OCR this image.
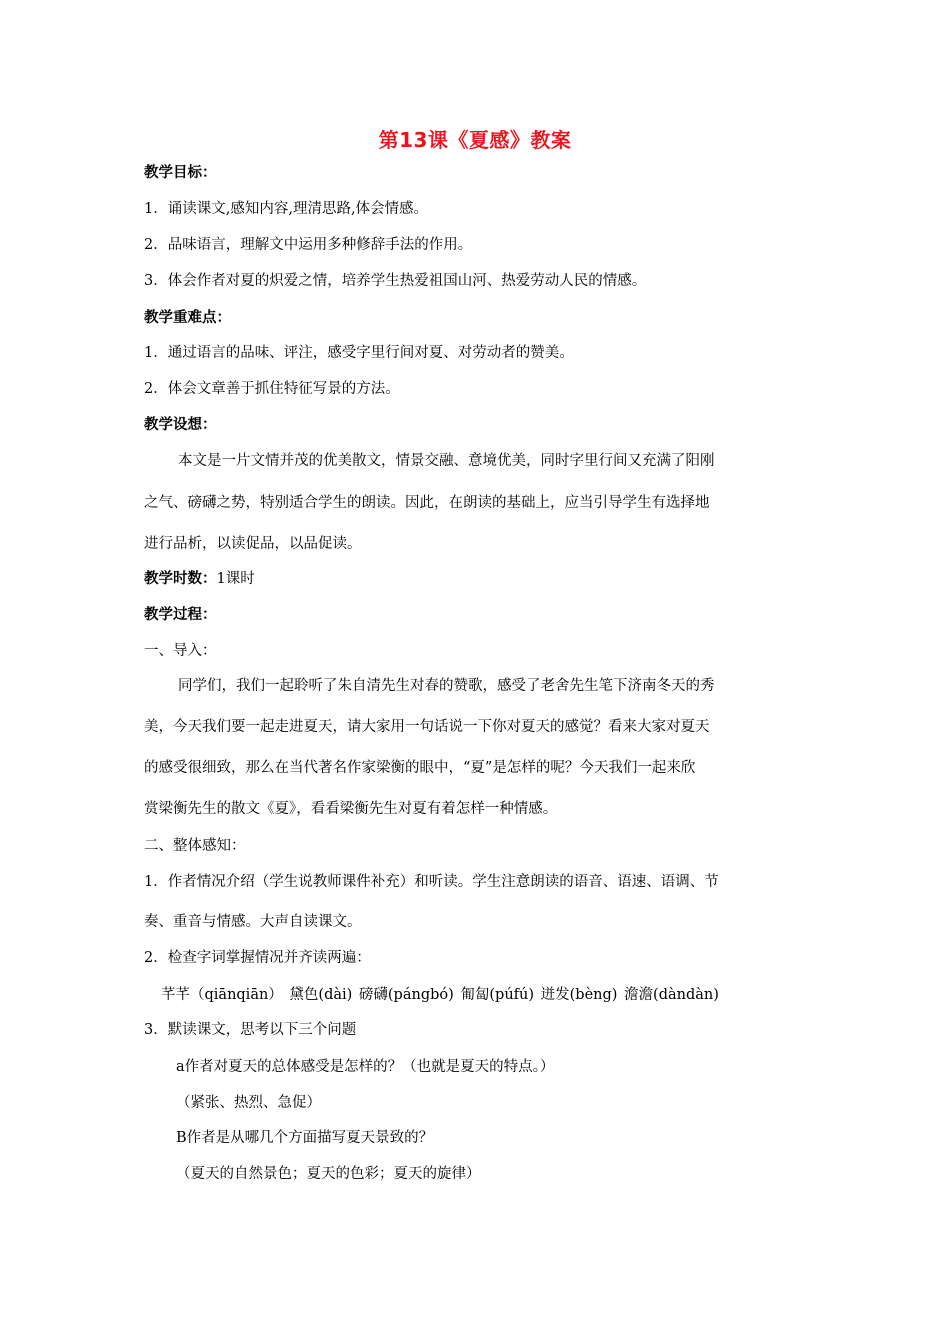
第13课《夏感》教案
教学目标：
1．诵读课文,感知内容,理清思路,体会情感。
2．品味语言，理解文中运用多种修辞手法的作用。
3．体会作者对夏的炽爱之情，培养学生热爱祖国山河、热爱劳动人民的情感。
教学重难点：
1．通过语言的品味、评注，感受字里行间对夏、对劳动者的赞美。
2．体会文章善于抓住特征写景的方法。
教学设想：
本文是一片文情并茂的优美散文，情景交融、意境优美，同时字里行间又充满了阳刚
之气、磅礴之势，特别适合学生的朗读。因此，在朗读的基础上，应当引导学生有选择地
进行品析，以读促品，以品促读。
教学时数：1课时
教学过程：
一、导入：
同学们，我们一起聆听了朱自清先生对春的赞歌，感受了老舍先生笔下济南冬天的秀
美，今天我们要一起走进夏天，请大家用一句话说一下你对夏天的感觉？看来大家对夏天
的感受很细致，那么在当代著名作家梁衡的眼中，“夏”是怎样的呢？今天我们一起来欣
赏梁衡先生的散文《夏》，看看梁衡先生对夏有着怎样一种情感。
二、整体感知：
1．作者情况介绍（学生说教师课件补充）和听读。学生注意朗读的语音、语速、语调、节
奏、重音与情感。大声自读课文。
2．检查字词掌握情况并齐读两遍：
芊芊（qiānqiān） 黛色(dài) 磅礴(pángbó) 匍匐(púfú) 迸发(bèng) 澹澹(dàndàn)
3．默读课文，思考以下三个问题
a作者对夏天的总体感受是怎样的？（也就是夏天的特点。）
（紧张、热烈、急促）
B作者是从哪几个方面描写夏天景致的？
（夏天的自然景色；夏天的色彩；夏天的旋律）
